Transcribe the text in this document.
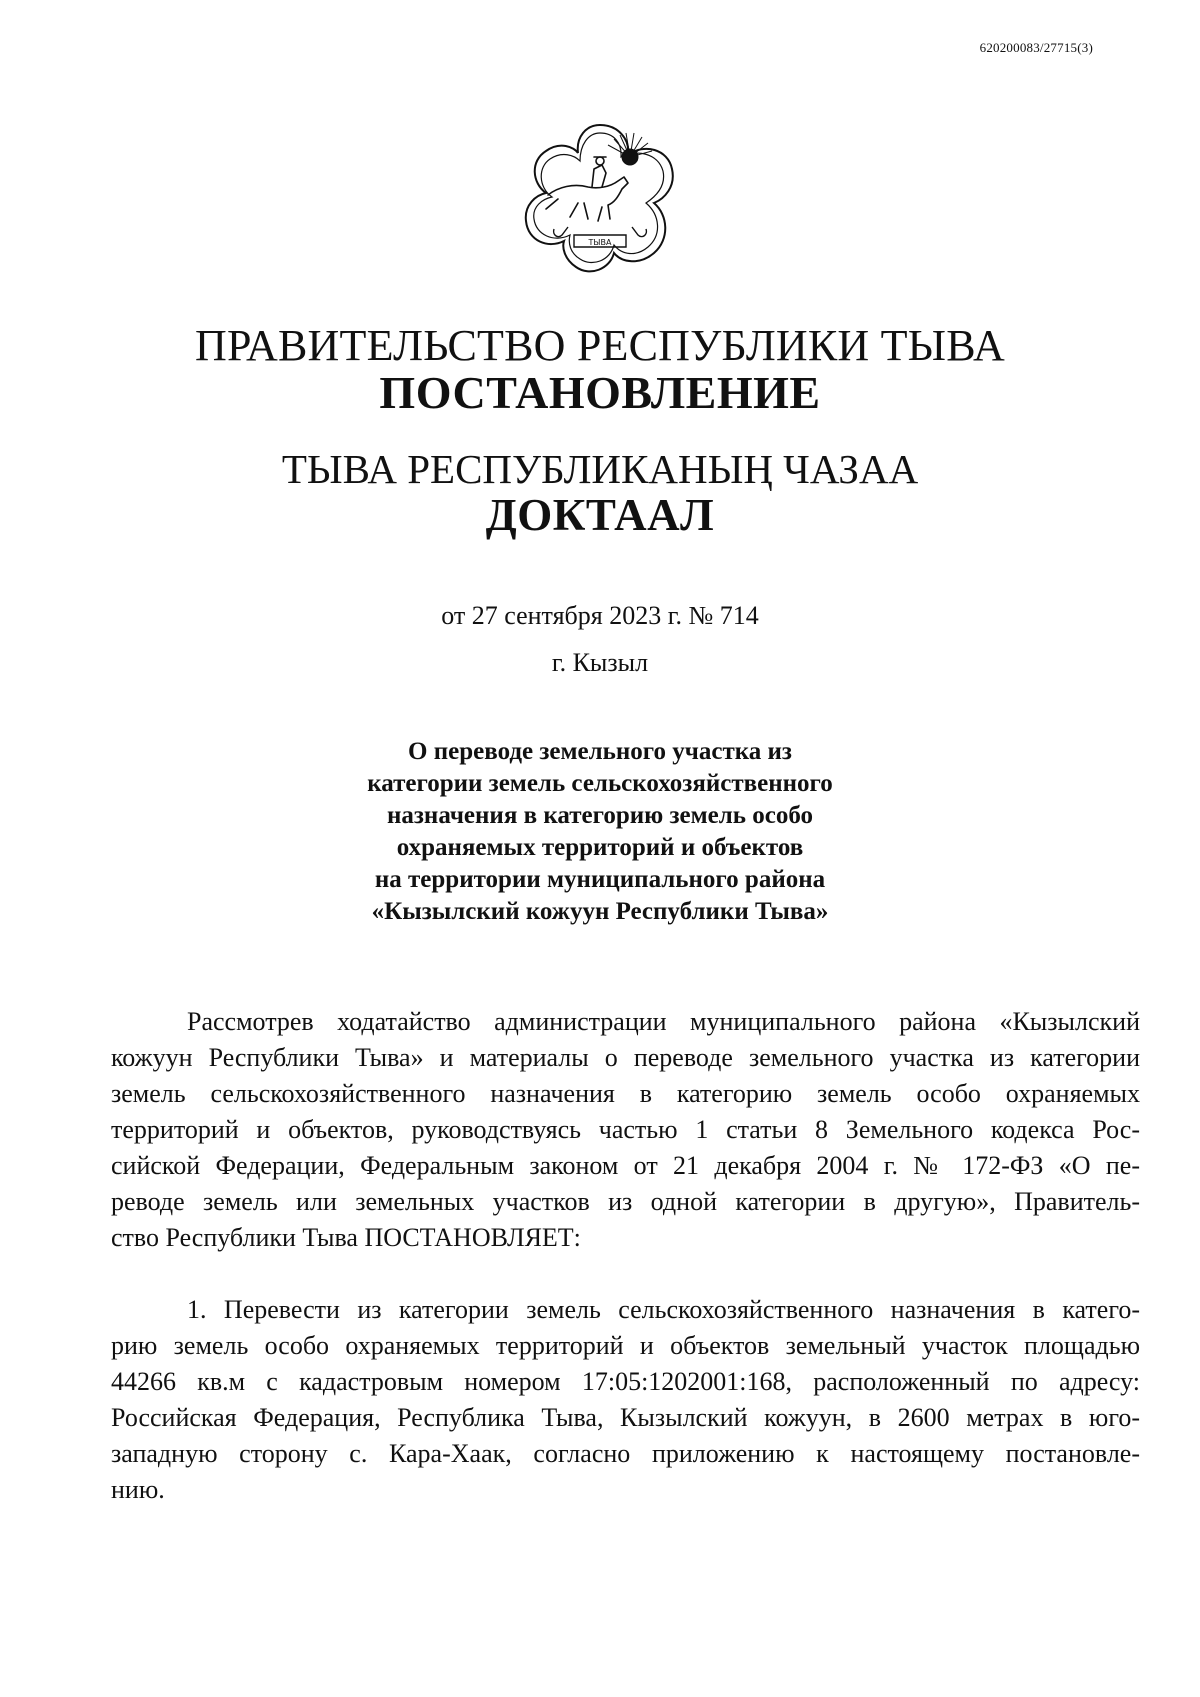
620200083/27715(3)
ТЫВА
ПРАВИТЕЛЬСТВО РЕСПУБЛИКИ ТЫВА
ПОСТАНОВЛЕНИЕ
ТЫВА РЕСПУБЛИКАНЫҢ ЧАЗАА
ДОКТААЛ
от 27 сентября 2023 г. № 714
г. Кызыл
О переводе земельного участка из
категории земель сельскохозяйственного
назначения в категорию земель особо
охраняемых территорий и объектов
на территории муниципального района
«Кызылский кожуун Республики Тыва»
Рассмотрев ходатайство администрации муниципального района «Кызылский
кожуун Республики Тыва» и материалы о переводе земельного участка из категории
земель сельскохозяйственного назначения в категорию земель особо охраняемых
территорий и объектов, руководствуясь частью 1 статьи 8 Земельного кодекса Рос-
сийской Федерации, Федеральным законом от 21 декабря 2004 г. № 172-ФЗ «О пе-
реводе земель или земельных участков из одной категории в другую», Правитель-
ство Республики Тыва ПОСТАНОВЛЯЕТ:
1. Перевести из категории земель сельскохозяйственного назначения в катего-
рию земель особо охраняемых территорий и объектов земельный участок площадью
44266 кв.м с кадастровым номером 17:05:1202001:168, расположенный по адресу:
Российская Федерация, Республика Тыва, Кызылский кожуун, в 2600 метрах в юго-
западную сторону с. Кара-Хаак, согласно приложению к настоящему постановле-
нию.
